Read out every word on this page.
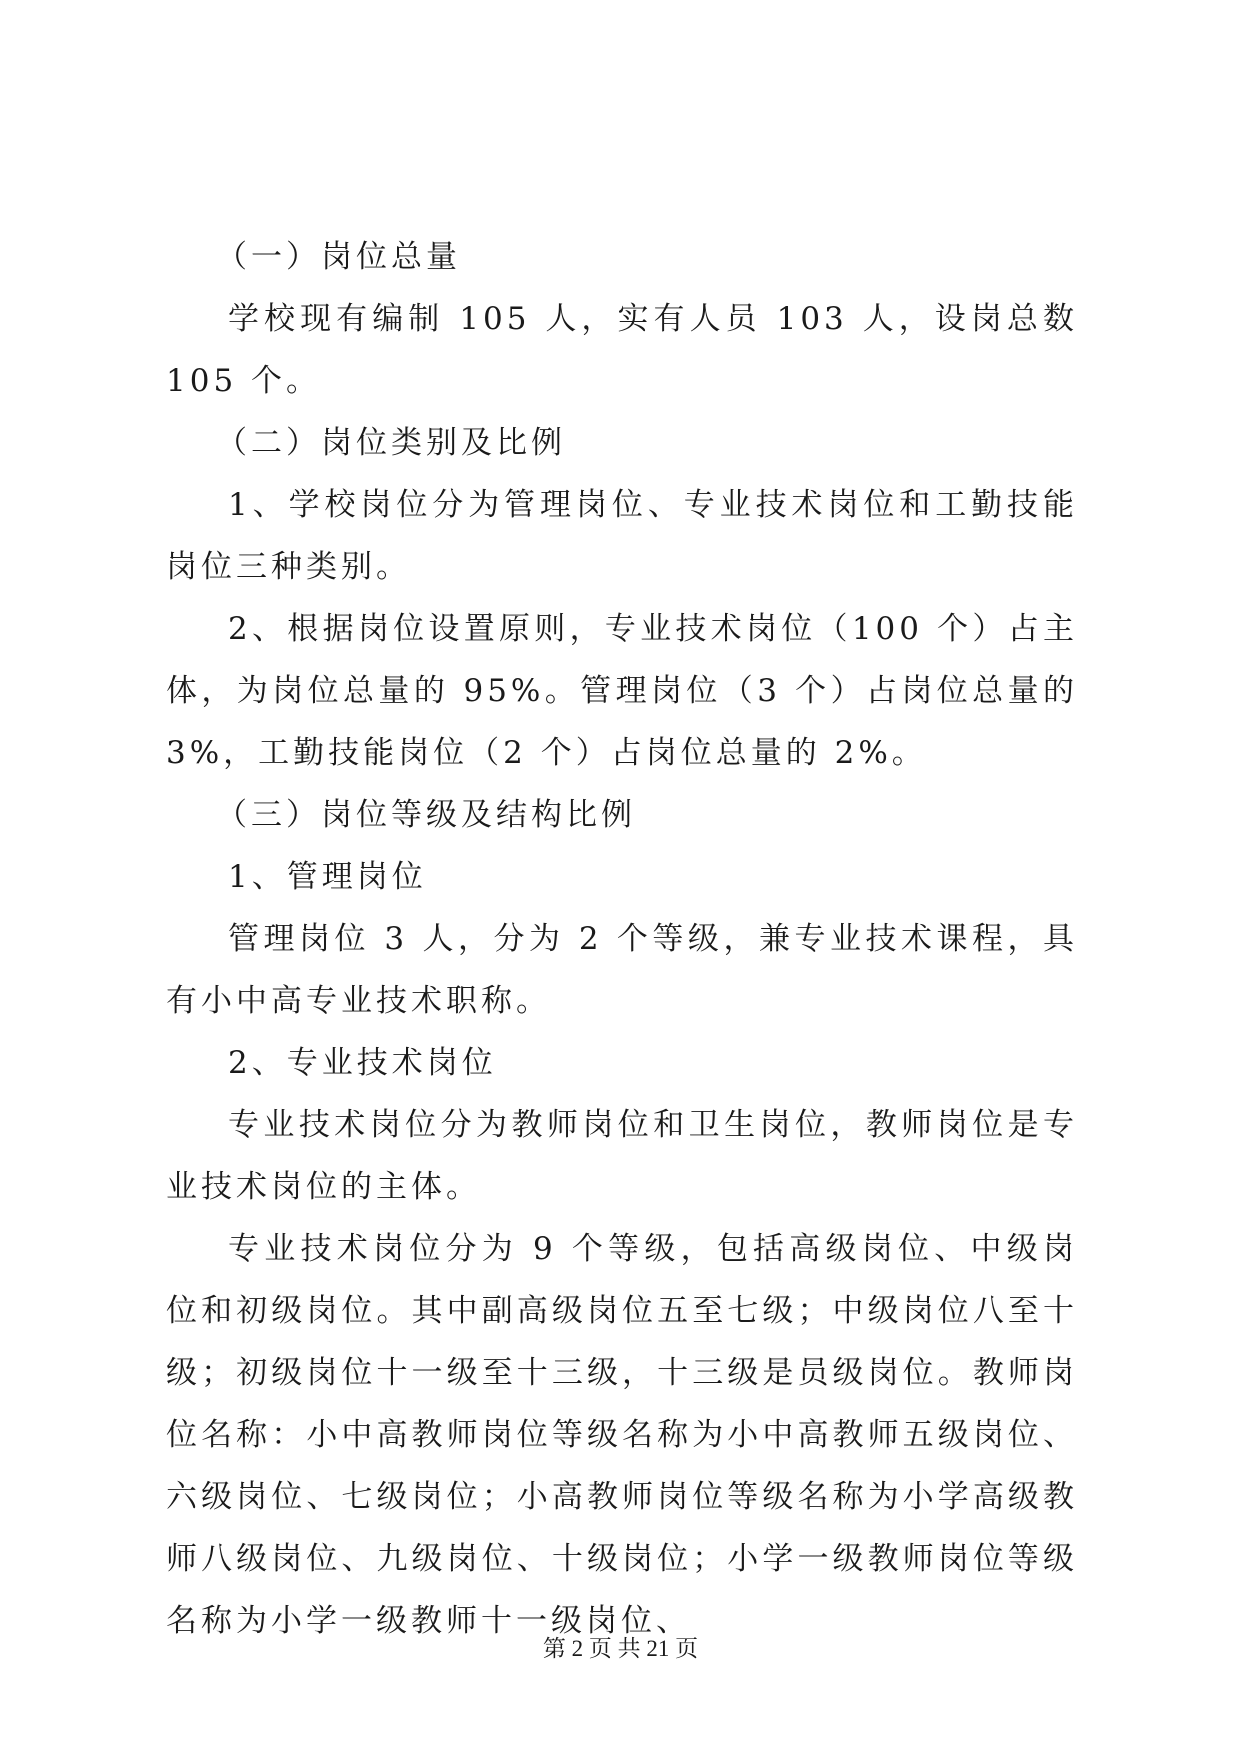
（一）岗位总量

学校现有编制 105 人，实有人员 103 人，设岗总数 105 个。

（二）岗位类别及比例

1、学校岗位分为管理岗位、专业技术岗位和工勤技能岗位三种类别。

2、根据岗位设置原则，专业技术岗位（100 个）占主体，为岗位总量的 95%。管理岗位（3 个）占岗位总量的 3%，工勤技能岗位（2 个）占岗位总量的 2%。

（三）岗位等级及结构比例

1、管理岗位

管理岗位 3 人，分为 2 个等级，兼专业技术课程，具有小中高专业技术职称。

2、专业技术岗位

专业技术岗位分为教师岗位和卫生岗位，教师岗位是专业技术岗位的主体。

专业技术岗位分为 9 个等级，包括高级岗位、中级岗位和初级岗位。其中副高级岗位五至七级；中级岗位八至十级；初级岗位十一级至十三级，十三级是员级岗位。教师岗位名称：小中高教师岗位等级名称为小中高教师五级岗位、六级岗位、七级岗位；小高教师岗位等级名称为小学高级教师八级岗位、九级岗位、十级岗位；小学一级教师岗位等级名称为小学一级教师十一级岗位、

第 2 页 共 21 页
